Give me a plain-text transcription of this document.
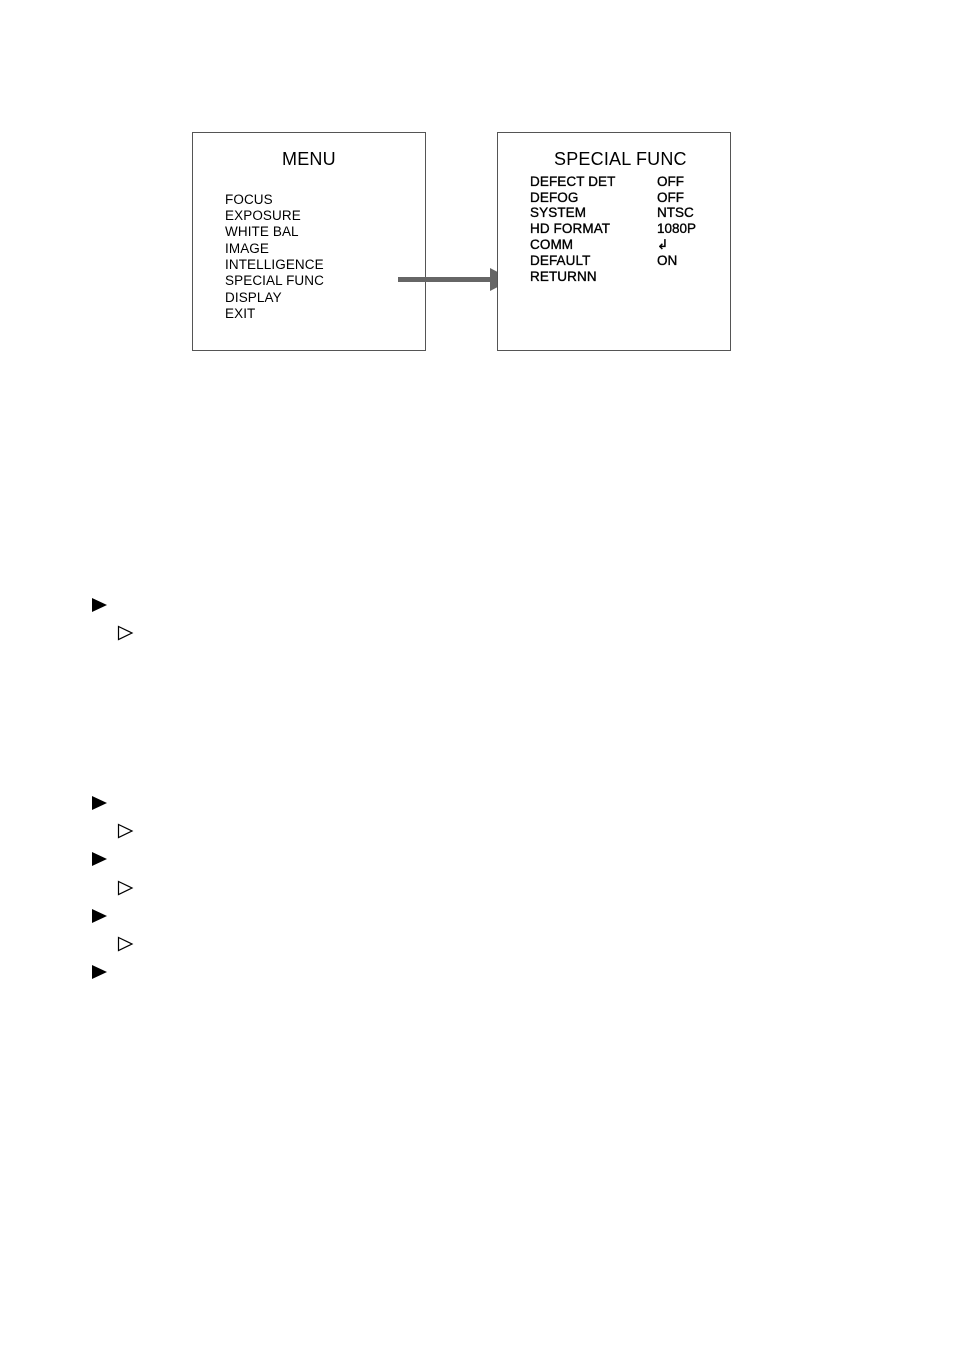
MENU
FOCUS
EXPOSURE
WHITE BAL
IMAGE
INTELLIGENCE
SPECIAL FUNC
DISPLAY
EXIT
SPECIAL FUNC
DEFECT DET	OFF
DEFOG	OFF
SYSTEM	NTSC
HD FORMAT	1080P
COMM	↲
DEFAULT	ON
RETURNN
